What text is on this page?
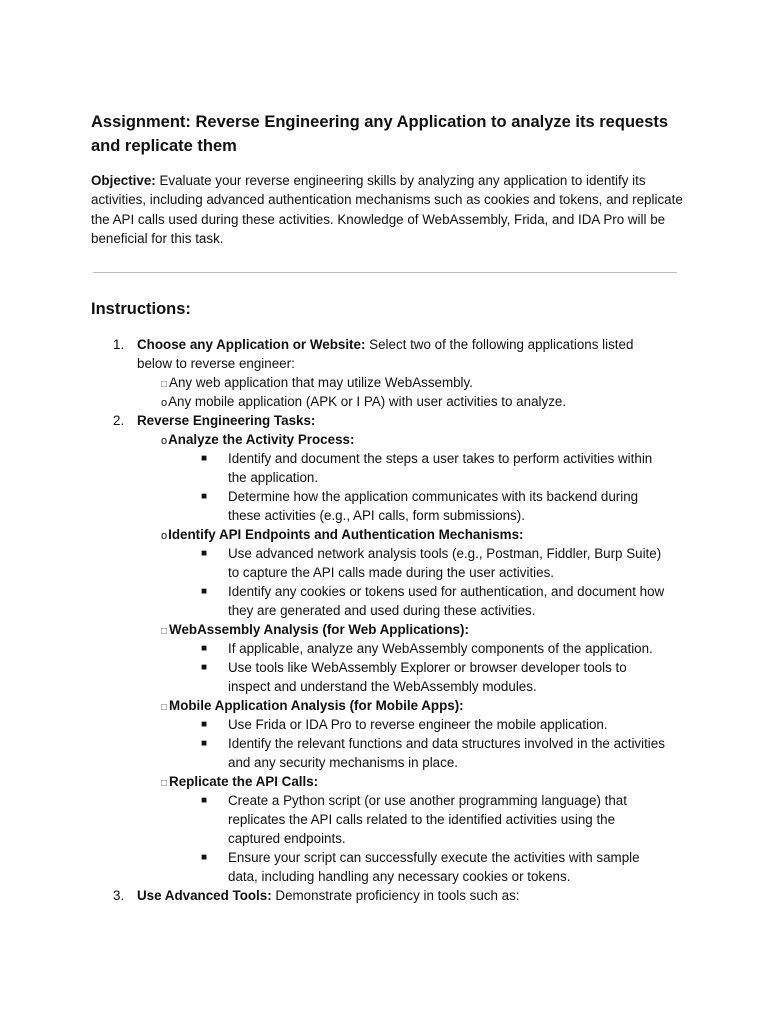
Assignment: Reverse Engineering any Application to analyze its requests and replicate them

Objective: Evaluate your reverse engineering skills by analyzing any application to identify its activities, including advanced authentication mechanisms such as cookies and tokens, and replicate the API calls used during these activities. Knowledge of WebAssembly, Frida, and IDA Pro will be beneficial for this task.

Instructions:
1. Choose any Application or Website: Select two of the following applications listed
below to reverse engineer:
□ Any web application that may utilize WebAssembly.
oAny mobile application (APK or I PA) with user activities to analyze.
2. Reverse Engineering Tasks:
oAnalyze the Activity Process:
■ Identify and document the steps a user takes to perform activities within
the application.
■ Determine how the application communicates with its backend during
these activities (e.g., API calls, form submissions).
oIdentify API Endpoints and Authentication Mechanisms:
■ Use advanced network analysis tools (e.g., Postman, Fiddler, Burp Suite)
to capture the API calls made during the user activities.
■ Identify any cookies or tokens used for authentication, and document how
they are generated and used during these activities.
□ WebAssembly Analysis (for Web Applications):
■ If applicable, analyze any WebAssembly components of the application.
■ Use tools like WebAssembly Explorer or browser developer tools to
inspect and understand the WebAssembly modules.
□ Mobile Application Analysis (for Mobile Apps):
■ Use Frida or IDA Pro to reverse engineer the mobile application.
■ Identify the relevant functions and data structures involved in the activities
and any security mechanisms in place.
□ Replicate the API Calls:
■ Create a Python script (or use another programming language) that
replicates the API calls related to the identified activities using the
captured endpoints.
■ Ensure your script can successfully execute the activities with sample
data, including handling any necessary cookies or tokens.
3. Use Advanced Tools: Demonstrate proficiency in tools such as:
